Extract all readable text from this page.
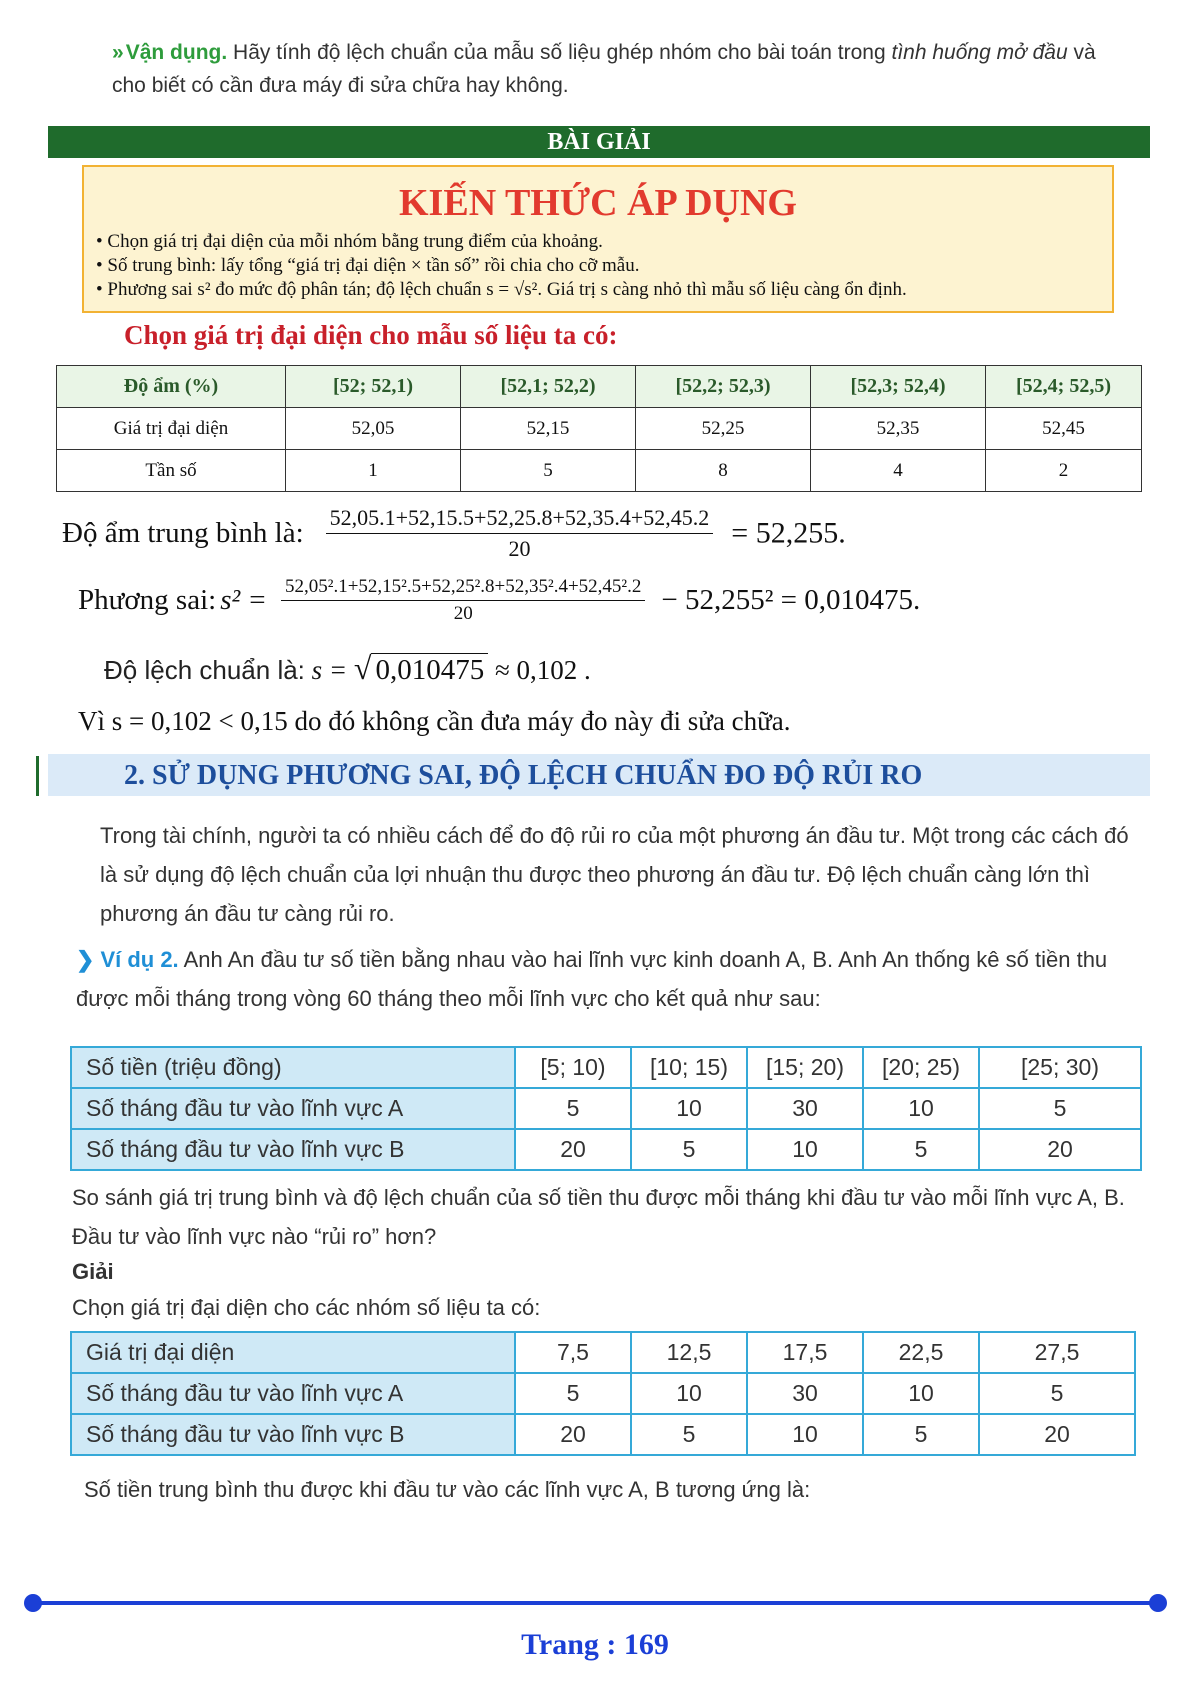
» Vận dụng. Hãy tính độ lệch chuẩn của mẫu số liệu ghép nhóm cho bài toán trong tình huống mở đầu và cho biết có cần đưa máy đi sửa chữa hay không.
BÀI GIẢI
KIẾN THỨC ÁP DỤNG
• Chọn giá trị đại diện của mỗi nhóm bằng trung điểm của khoảng.
• Số trung bình: lấy tổng “giá trị đại diện × tần số” rồi chia cho cỡ mẫu.
• Phương sai s² đo mức độ phân tán; độ lệch chuẩn s = √s². Giá trị s càng nhỏ thì mẫu số liệu càng ổn định.
Chọn giá trị đại diện cho mẫu số liệu ta có:
Độ ẩm (%)	[52; 52,1)	[52,1; 52,2)	[52,2; 52,3)	[52,3; 52,4)	[52,4; 52,5)
Giá trị đại diện	52,05	52,15	52,25	52,35	52,45
Tần số	1	5	8	4	2
Độ ẩm trung bình là: $\frac{52,05.1+52,15.5+52,25.8+52,35.4+52,45.2}{20} = 52,255$.
Phương sai: $s^2 = \frac{\text{52,05².1+52,15².5+52,25².8+52,35².4+52,45².2}}{20} - 52,255^2 = 0,010475$.
Độ lệch chuẩn là: s = √ 0,010475 ≈ 0,102 .
Vì s = 0,102 < 0,15 do đó không cần đưa máy đo này đi sửa chữa.
2. SỬ DỤNG PHƯƠNG SAI, ĐỘ LỆCH CHUẨN ĐO ĐỘ RỦI RO
Trong tài chính, người ta có nhiều cách để đo độ rủi ro của một phương án đầu tư. Một trong các cách đó là sử dụng độ lệch chuẩn của lợi nhuận thu được theo phương án đầu tư. Độ lệch chuẩn càng lớn thì phương án đầu tư càng rủi ro.
❯ Ví dụ 2. Anh An đầu tư số tiền bằng nhau vào hai lĩnh vực kinh doanh A, B. Anh An thống kê số tiền thu được mỗi tháng trong vòng 60 tháng theo mỗi lĩnh vực cho kết quả như sau:
Số tiền (triệu đồng)	[5; 10)	[10; 15)	[15; 20)	[20; 25)	[25; 30)
Số tháng đầu tư vào lĩnh vực A	5	10	30	10	5
Số tháng đầu tư vào lĩnh vực B	20	5	10	5	20
So sánh giá trị trung bình và độ lệch chuẩn của số tiền thu được mỗi tháng khi đầu tư vào mỗi lĩnh vực A, B. Đầu tư vào lĩnh vực nào “rủi ro” hơn?
Giải
Chọn giá trị đại diện cho các nhóm số liệu ta có:
Giá trị đại diện	7,5	12,5	17,5	22,5	27,5
Số tháng đầu tư vào lĩnh vực A	5	10	30	10	5
Số tháng đầu tư vào lĩnh vực B	20	5	10	5	20
Số tiền trung bình thu được khi đầu tư vào các lĩnh vực A, B tương ứng là:
Trang : 169
